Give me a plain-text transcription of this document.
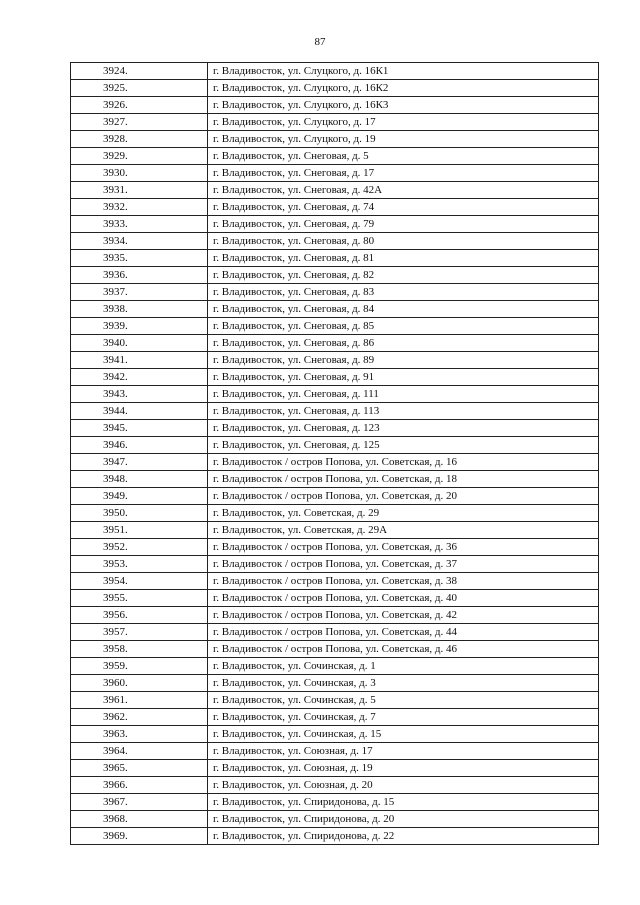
87
3924.	г. Владивосток, ул. Слуцкого, д. 16К1
3925.	г. Владивосток, ул. Слуцкого, д. 16К2
3926.	г. Владивосток, ул. Слуцкого, д. 16К3
3927.	г. Владивосток, ул. Слуцкого, д. 17
3928.	г. Владивосток, ул. Слуцкого, д. 19
3929.	г. Владивосток, ул. Снеговая, д. 5
3930.	г. Владивосток, ул. Снеговая, д. 17
3931.	г. Владивосток, ул. Снеговая, д. 42А
3932.	г. Владивосток, ул. Снеговая, д. 74
3933.	г. Владивосток, ул. Снеговая, д. 79
3934.	г. Владивосток, ул. Снеговая, д. 80
3935.	г. Владивосток, ул. Снеговая, д. 81
3936.	г. Владивосток, ул. Снеговая, д. 82
3937.	г. Владивосток, ул. Снеговая, д. 83
3938.	г. Владивосток, ул. Снеговая, д. 84
3939.	г. Владивосток, ул. Снеговая, д. 85
3940.	г. Владивосток, ул. Снеговая, д. 86
3941.	г. Владивосток, ул. Снеговая, д. 89
3942.	г. Владивосток, ул. Снеговая, д. 91
3943.	г. Владивосток, ул. Снеговая, д. 111
3944.	г. Владивосток, ул. Снеговая, д. 113
3945.	г. Владивосток, ул. Снеговая, д. 123
3946.	г. Владивосток, ул. Снеговая, д. 125
3947.	г. Владивосток / остров Попова, ул. Советская, д. 16
3948.	г. Владивосток / остров Попова, ул. Советская, д. 18
3949.	г. Владивосток / остров Попова, ул. Советская, д. 20
3950.	г. Владивосток, ул. Советская, д. 29
3951.	г. Владивосток, ул. Советская, д. 29А
3952.	г. Владивосток / остров Попова, ул. Советская, д. 36
3953.	г. Владивосток / остров Попова, ул. Советская, д. 37
3954.	г. Владивосток / остров Попова, ул. Советская, д. 38
3955.	г. Владивосток / остров Попова, ул. Советская, д. 40
3956.	г. Владивосток / остров Попова, ул. Советская, д. 42
3957.	г. Владивосток / остров Попова, ул. Советская, д. 44
3958.	г. Владивосток / остров Попова, ул. Советская, д. 46
3959.	г. Владивосток, ул. Сочинская, д. 1
3960.	г. Владивосток, ул. Сочинская, д. 3
3961.	г. Владивосток, ул. Сочинская, д. 5
3962.	г. Владивосток, ул. Сочинская, д. 7
3963.	г. Владивосток, ул. Сочинская, д. 15
3964.	г. Владивосток, ул. Союзная, д. 17
3965.	г. Владивосток, ул. Союзная, д. 19
3966.	г. Владивосток, ул. Союзная, д. 20
3967.	г. Владивосток, ул. Спиридонова, д. 15
3968.	г. Владивосток, ул. Спиридонова, д. 20
3969.	г. Владивосток, ул. Спиридонова, д. 22
